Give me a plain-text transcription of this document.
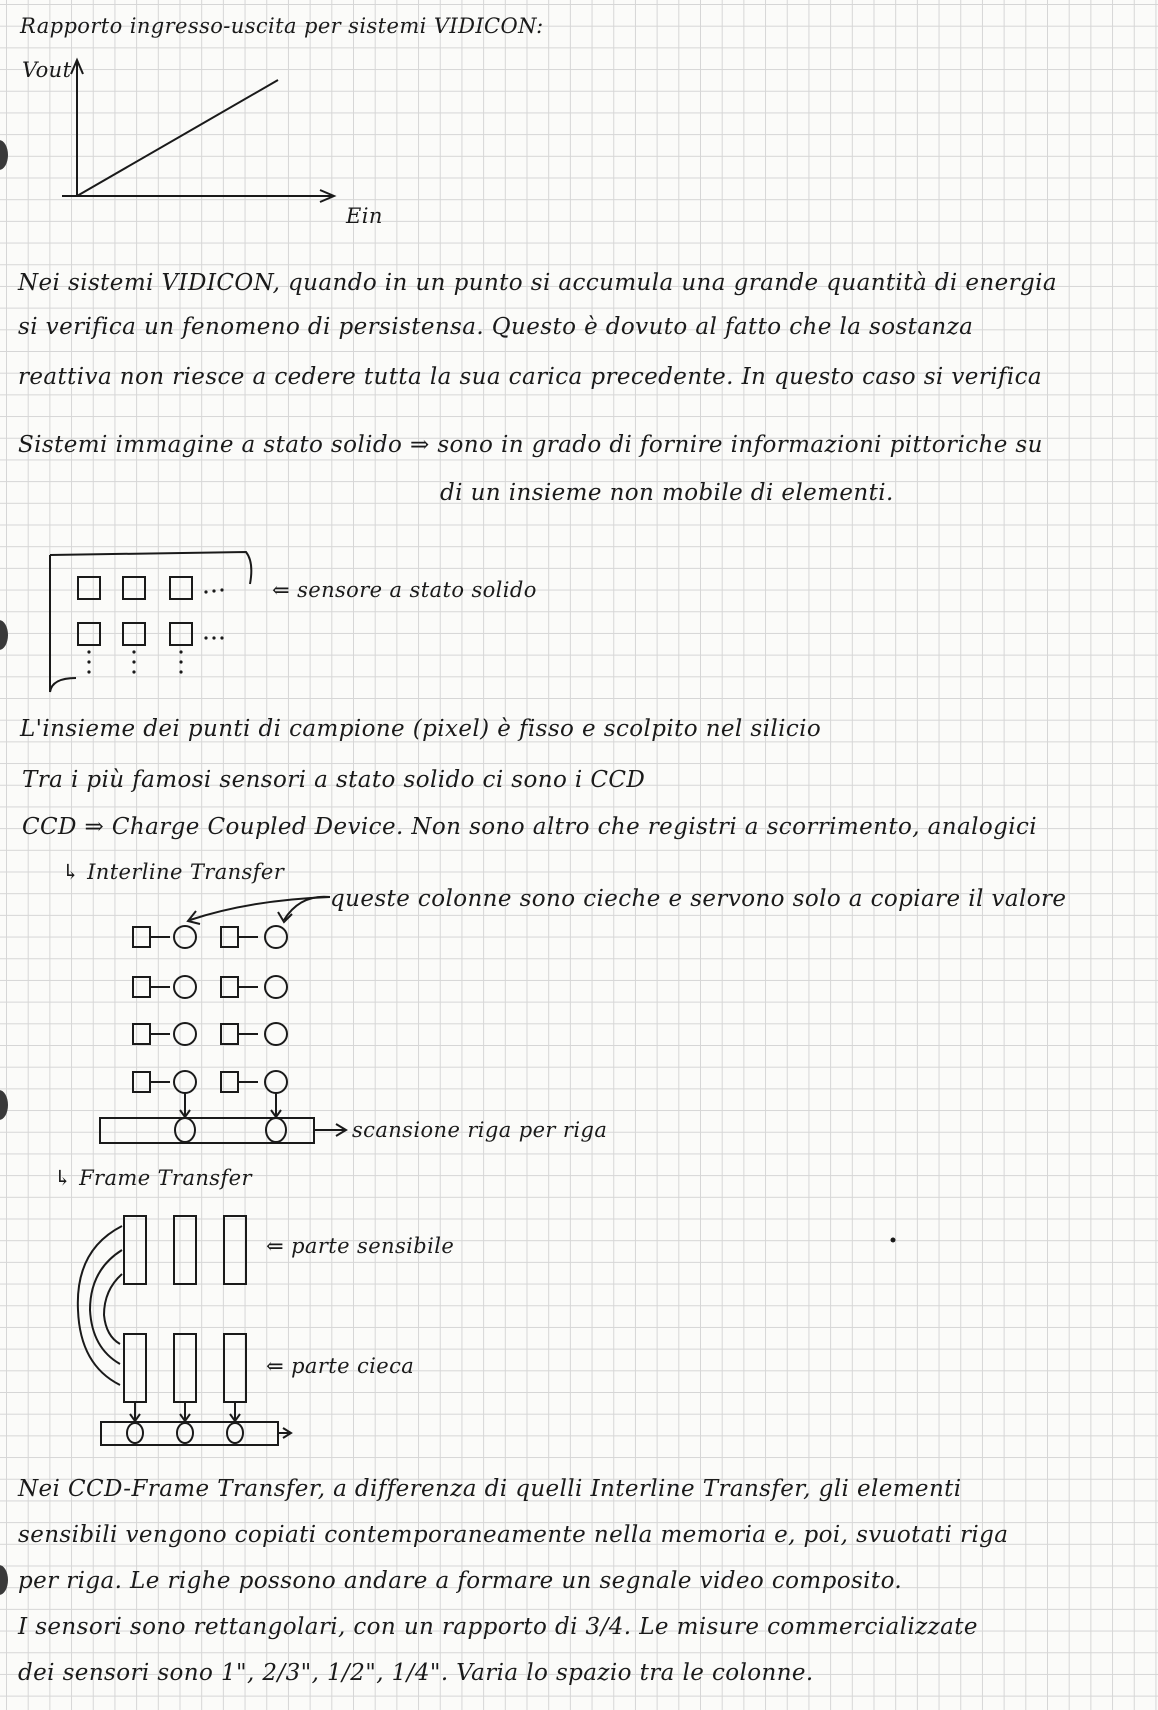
Rapporto ingresso-uscita per sistemi VIDICON:
Vout
Ein
Nei sistemi VIDICON, quando in un punto si accumula una grande quantità di energia
si verifica un fenomeno di persistensa. Questo è dovuto al fatto che la sostanza
reattiva non riesce a cedere tutta la sua carica precedente. In questo caso si verifica
Sistemi immagine a stato solido ⇒ sono in grado di fornire informazioni pittoriche su
di un insieme non mobile di elementi.
⇐ sensore a stato solido
L'insieme dei punti di campione (pixel) è fisso e scolpito nel silicio
Tra i più famosi sensori a stato solido ci sono i CCD
CCD ⇒ Charge Coupled Device. Non sono altro che registri a scorrimento, analogici
↳ Interline Transfer
queste colonne sono cieche e servono solo a copiare il valore
scansione riga per riga
↳ Frame Transfer
⇐ parte sensibile
⇐ parte cieca
Nei CCD-Frame Transfer, a differenza di quelli Interline Transfer, gli elementi
sensibili vengono copiati contemporaneamente nella memoria e, poi, svuotati riga
per riga. Le righe possono andare a formare un segnale video composito.
I sensori sono rettangolari, con un rapporto di 3/4. Le misure commercializzate
dei sensori sono 1", 2/3", 1/2", 1/4". Varia lo spazio tra le colonne.
